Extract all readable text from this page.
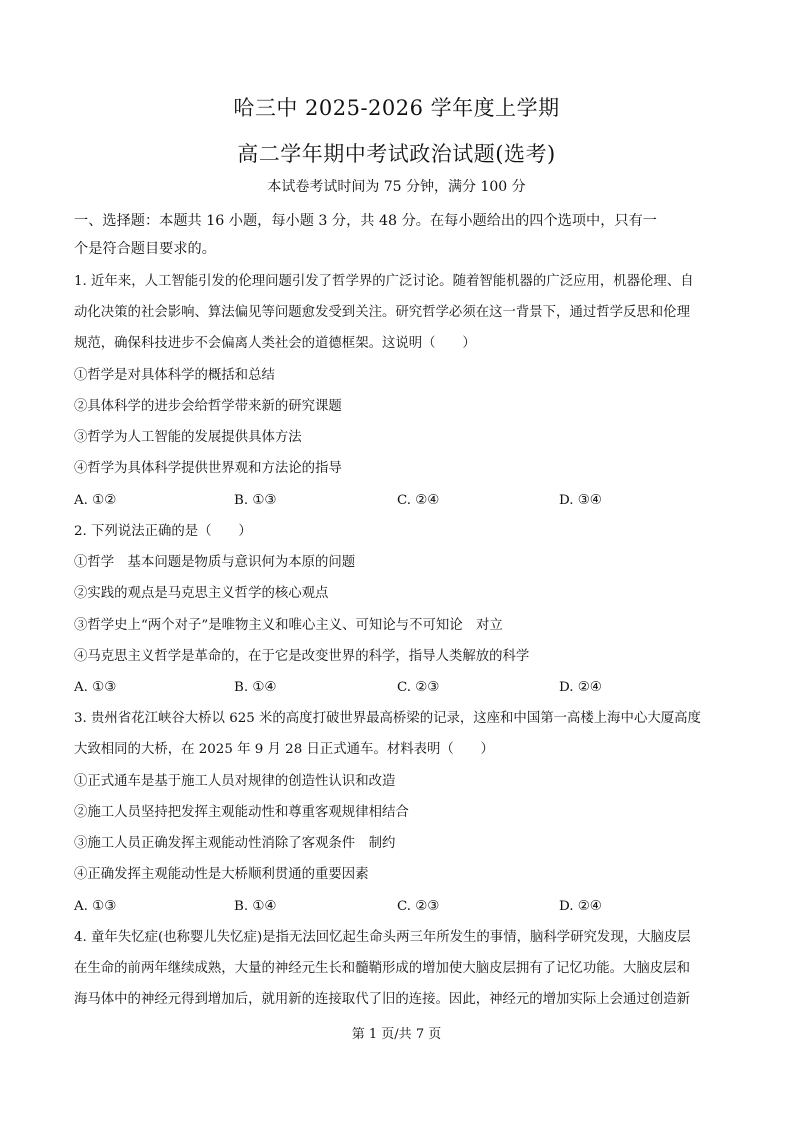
哈三中 2025-2026 学年度上学期
高二学年期中考试政治试题(选考)
本试卷考试时间为 75 分钟，满分 100 分
一、选择题：本题共 16 小题，每小题 3 分，共 48 分。在每小题给出的四个选项中，只有一
个是符合题目要求的。
1. 近年来，人工智能引发的伦理问题引发了哲学界的广泛讨论。随着智能机器的广泛应用，机器伦理、自
动化决策的社会影响、算法偏见等问题愈发受到关注。研究哲学必须在这一背景下，通过哲学反思和伦理
规范，确保科技进步不会偏离人类社会的道德框架。这说明（　　）
①哲学是对具体科学的概括和总结
②具体科学的进步会给哲学带来新的研究课题
③哲学为人工智能的发展提供具体方法
④哲学为具体科学提供世界观和方法论的指导
A. ①②	B. ①③	C. ②④	D. ③④
2. 下列说法正确的是（　　）
①哲学　基本问题是物质与意识何为本原的问题
②实践的观点是马克思主义哲学的核心观点
③哲学史上“两个对子”是唯物主义和唯心主义、可知论与不可知论　对立
④马克思主义哲学是革命的，在于它是改变世界的科学，指导人类解放的科学
A. ①③	B. ①④	C. ②③	D. ②④
3. 贵州省花江峡谷大桥以 625 米的高度打破世界最高桥梁的记录，这座和中国第一高楼上海中心大厦高度
大致相同的大桥，在 2025 年 9 月 28 日正式通车。材料表明（　　）
①正式通车是基于施工人员对规律的创造性认识和改造
②施工人员坚持把发挥主观能动性和尊重客观规律相结合
③施工人员正确发挥主观能动性消除了客观条件　制约
④正确发挥主观能动性是大桥顺利贯通的重要因素
A. ①③	B. ①④	C. ②③	D. ②④
4. 童年失忆症(也称婴儿失忆症)是指无法回忆起生命头两三年所发生的事情，脑科学研究发现，大脑皮层
在生命的前两年继续成熟，大量的神经元生长和髓鞘形成的增加使大脑皮层拥有了记忆功能。大脑皮层和
海马体中的神经元得到增加后，就用新的连接取代了旧的连接。因此，神经元的增加实际上会通过创造新
第 1 页/共 7 页
